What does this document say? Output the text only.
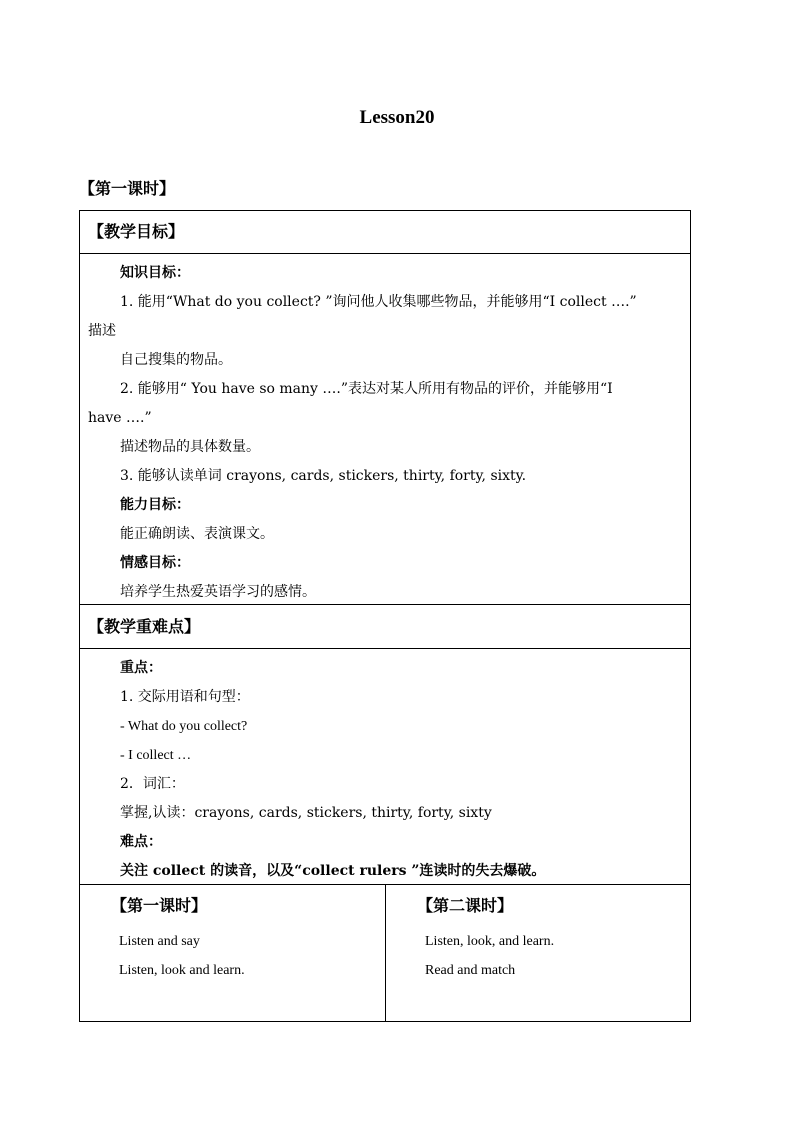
Lesson20
【第一课时】
【教学目标】
知识目标：
1. 能用“What do you collect? ”询问他人收集哪些物品，并能够用“I collect ….”
描述
自己搜集的物品。
2. 能够用“ You have so many ….”表达对某人所用有物品的评价，并能够用“I
have ….”
描述物品的具体数量。
3. 能够认读单词 crayons, cards, stickers, thirty, forty, sixty.
能力目标：
能正确朗读、表演课文。
情感目标：
培养学生热爱英语学习的感情。
【教学重难点】
重点：
1. 交际用语和句型：
- What do you collect?
- I collect …
2．词汇：
掌握,认读：crayons, cards, stickers, thirty, forty, sixty
难点：
关注 collect 的读音，以及“collect rulers ”连读时的失去爆破。
【第一课时】
Listen and say
Listen, look and learn.
【第二课时】
Listen, look, and learn.
Read and match
